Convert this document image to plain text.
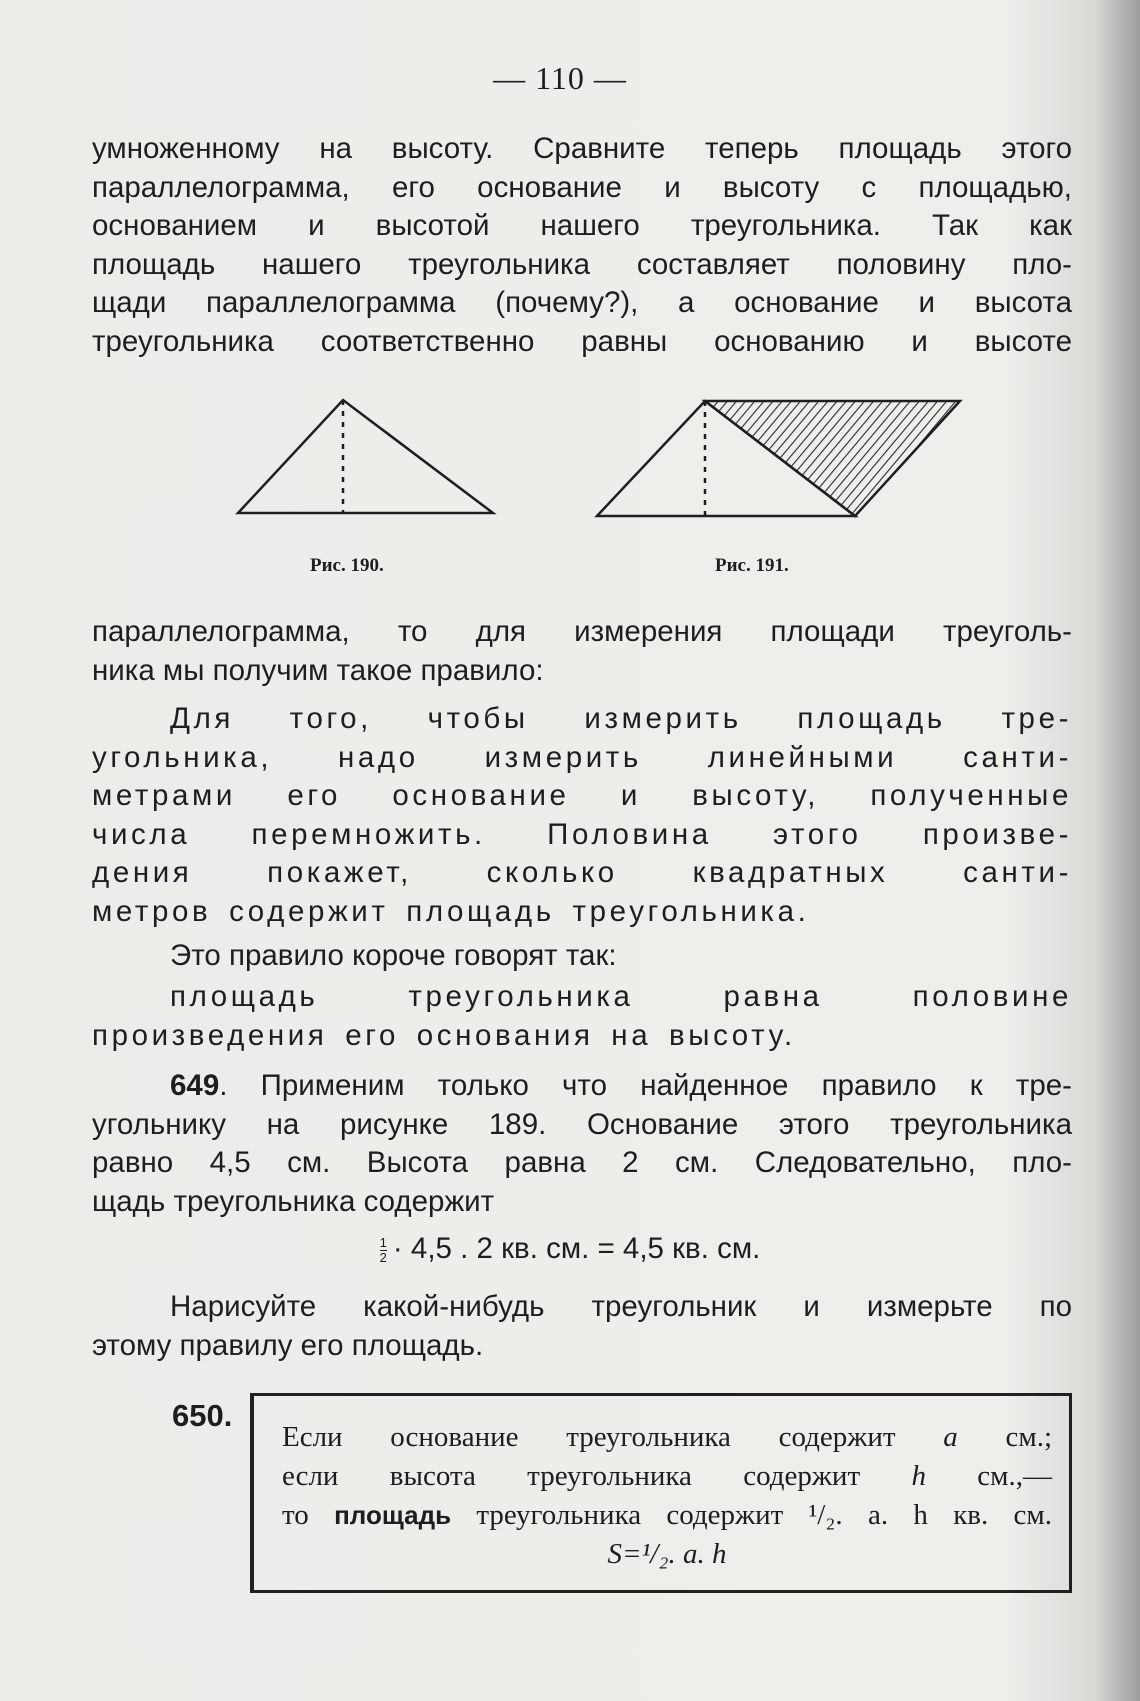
— 110 —
умноженному на высоту. Сравните теперь площадь этого
параллелограмма, его основание и высоту с площадью,
основанием и высотой нашего треугольника. Так как
площадь нашего треугольника составляет половину пло-
щади параллелограмма (почему?), а основание и высота
треугольника соответственно равны основанию и высоте
Рис. 190.	Рис. 191.
параллелограмма, то для измерения площади треуголь-
ника мы получим такое правило:
Для того, чтобы измерить площадь тре-
угольника, надо измерить линейными санти-
метрами его основание и высоту, полученные
числа перемножить. Половина этого произве-
дения покажет, сколько квадратных санти-
метров содержит площадь треугольника.
Это правило короче говорят так:
площадь треугольника равна половине
произведения его основания на высоту.
649. Применим только что найденное правило к тре-
угольнику на рисунке 189. Основание этого треугольника
равно 4,5 см. Высота равна 2 см. Следовательно, пло-
щадь треугольника содержит
$\frac{1}{2} \cdot 4,5$ . 2 кв. см. = 4,5 кв. см.
Нарисуйте какой-нибудь треугольник и измерьте по
этому правилу его площадь.
650.
Если основание треугольника содержит a см.;
если высота треугольника содержит h см.,—
то площадь треугольника содержит ¹/₂. a. h кв. см.
S=¹/₂. a. h
